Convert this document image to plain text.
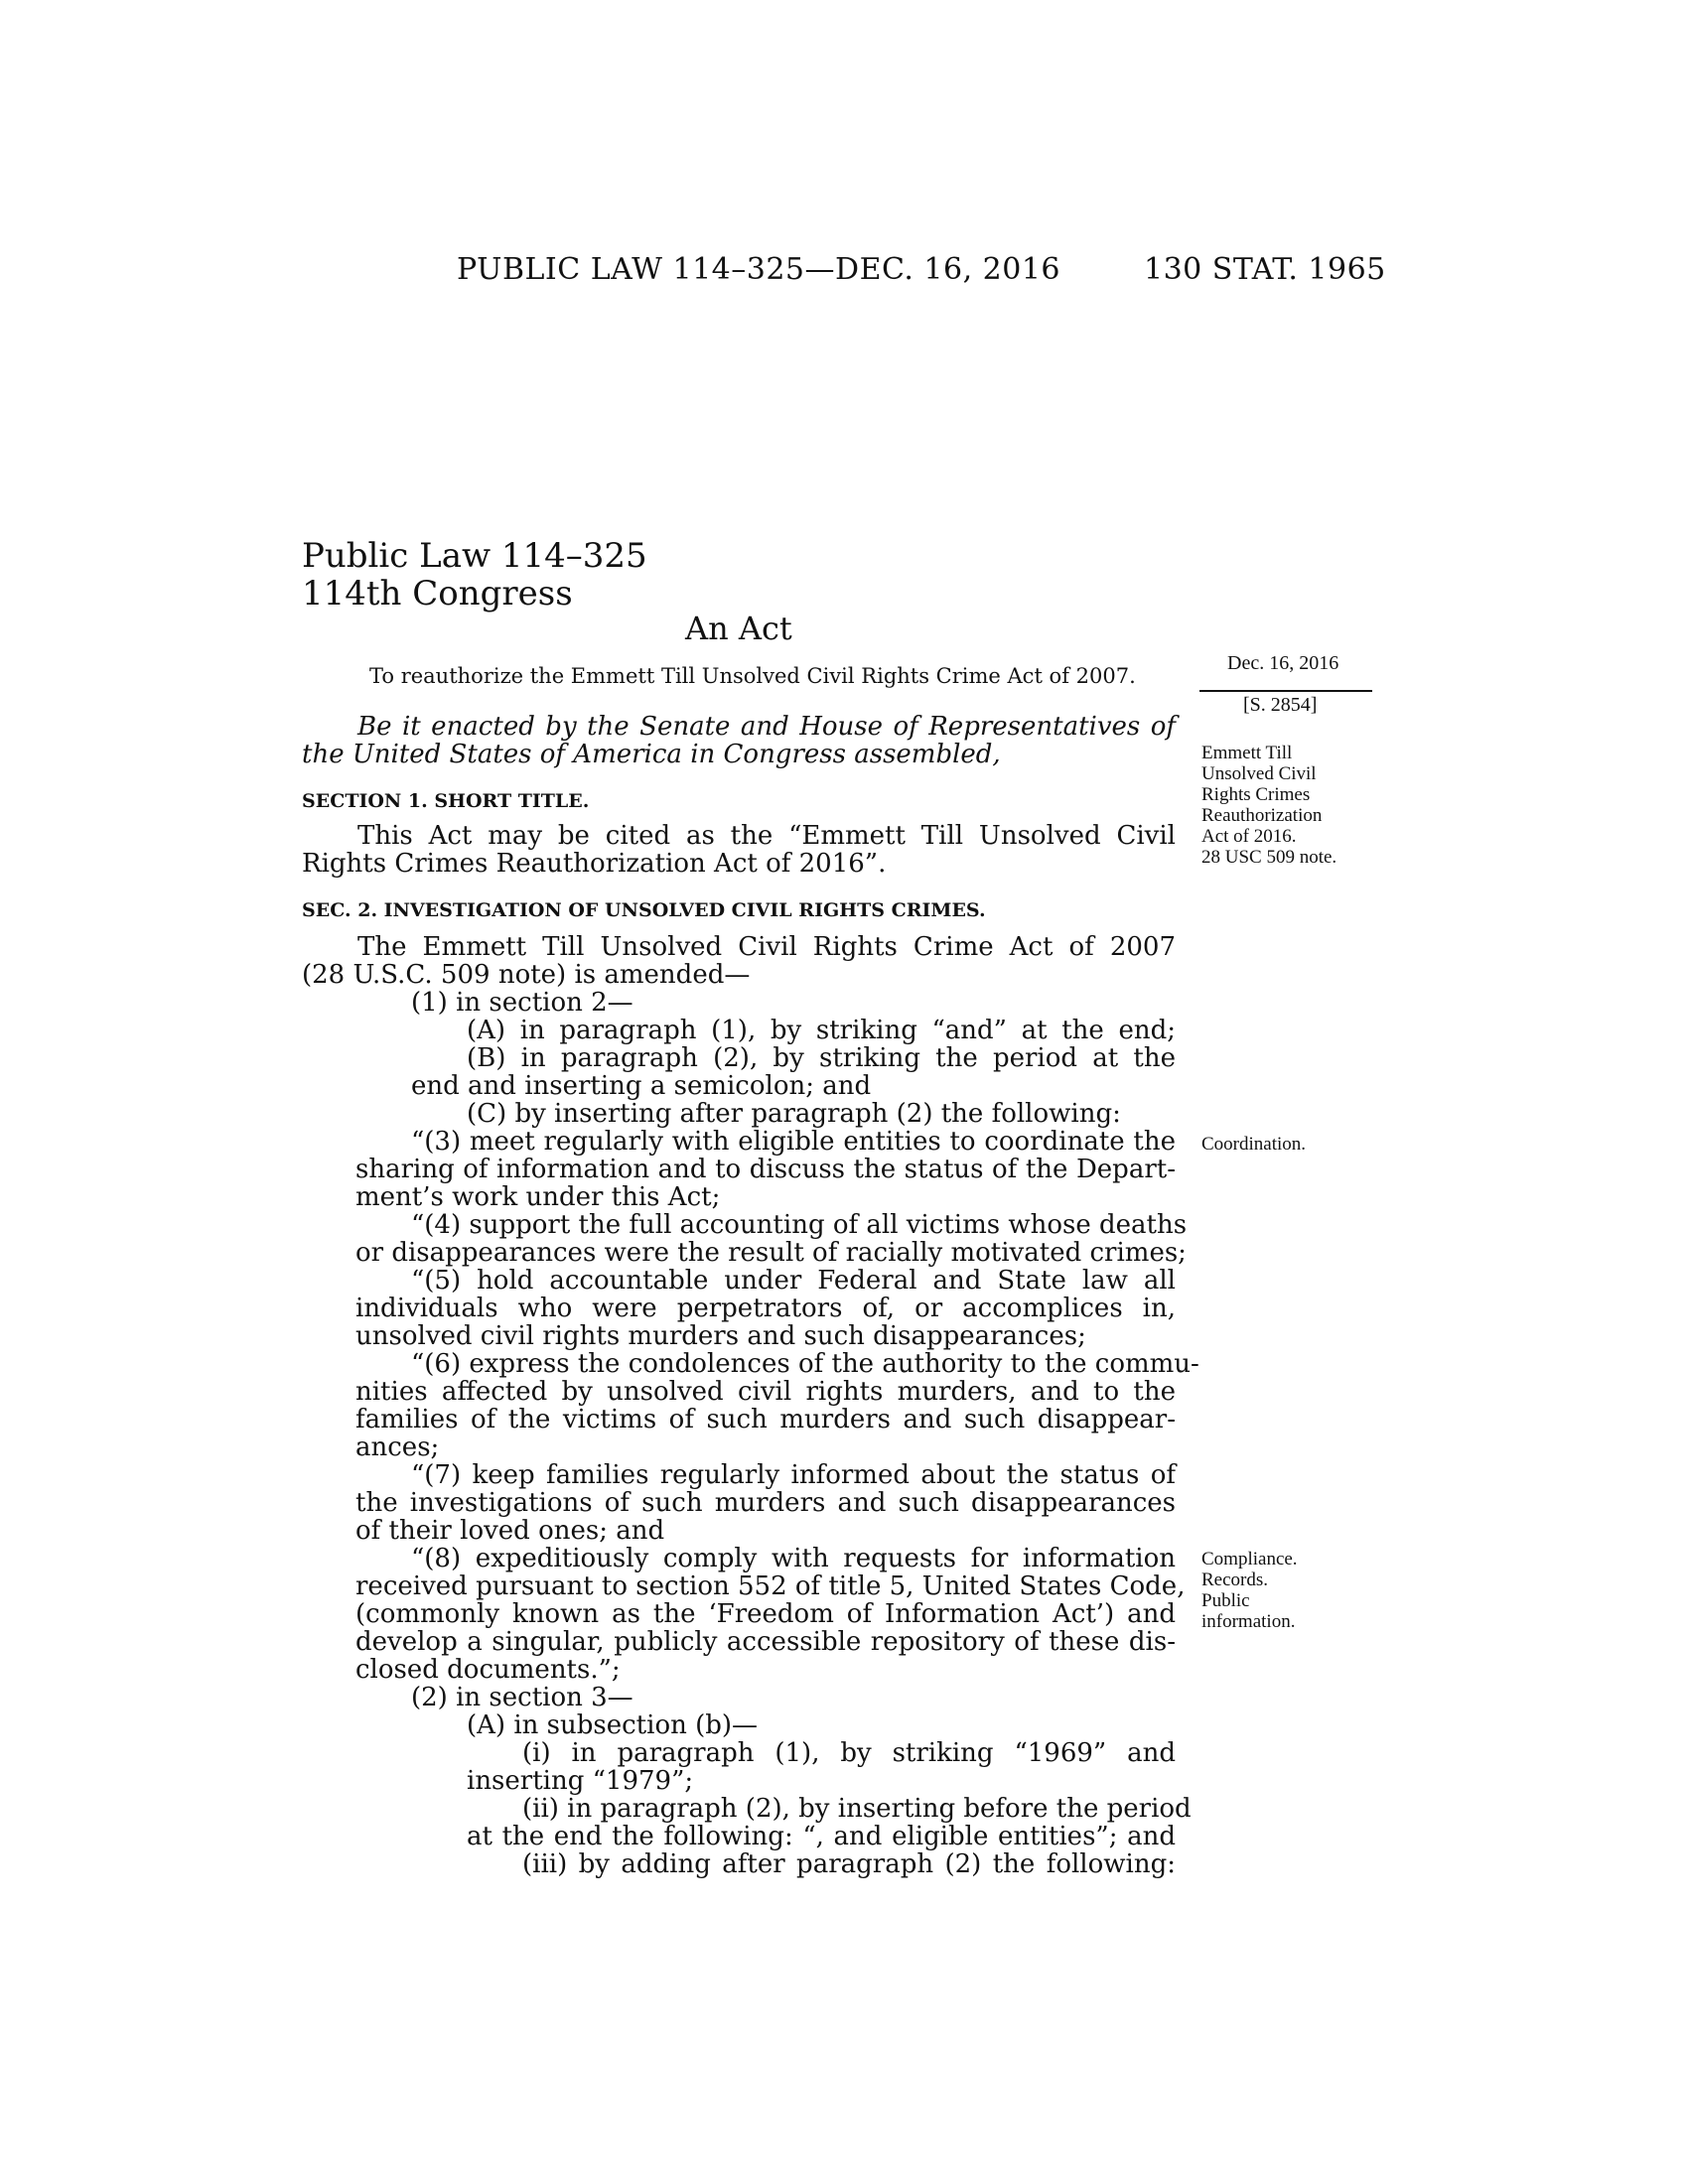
PUBLIC LAW 114–325—DEC. 16, 2016	130 STAT. 1965
Public Law 114–325
114th Congress
An Act
To reauthorize the Emmett Till Unsolved Civil Rights Crime Act of 2007.
Dec. 16, 2016
[S. 2854]
Emmett Till
Unsolved Civil
Rights Crimes
Reauthorization
Act of 2016.
28 USC 509 note.
Coordination.
Compliance.
Records.
Public
information.
Be it enacted by the Senate and House of Representatives of
the United States of America in Congress assembled,
SECTION 1. SHORT TITLE.
This Act may be cited as the “Emmett Till Unsolved Civil
Rights Crimes Reauthorization Act of 2016”.
SEC. 2. INVESTIGATION OF UNSOLVED CIVIL RIGHTS CRIMES.
The Emmett Till Unsolved Civil Rights Crime Act of 2007
(28 U.S.C. 509 note) is amended—
(1) in section 2—
(A) in paragraph (1), by striking “and” at the end;
(B) in paragraph (2), by striking the period at the
end and inserting a semicolon; and
(C) by inserting after paragraph (2) the following:
“(3) meet regularly with eligible entities to coordinate the
sharing of information and to discuss the status of the Depart-
ment’s work under this Act;
“(4) support the full accounting of all victims whose deaths
or disappearances were the result of racially motivated crimes;
“(5) hold accountable under Federal and State law all
individuals who were perpetrators of, or accomplices in,
unsolved civil rights murders and such disappearances;
“(6) express the condolences of the authority to the commu-
nities affected by unsolved civil rights murders, and to the
families of the victims of such murders and such disappear-
ances;
“(7) keep families regularly informed about the status of
the investigations of such murders and such disappearances
of their loved ones; and
“(8) expeditiously comply with requests for information
received pursuant to section 552 of title 5, United States Code,
(commonly known as the ‘Freedom of Information Act’) and
develop a singular, publicly accessible repository of these dis-
closed documents.”;
(2) in section 3—
(A) in subsection (b)—
(i) in paragraph (1), by striking “1969” and
inserting “1979”;
(ii) in paragraph (2), by inserting before the period
at the end the following: “, and eligible entities”; and
(iii) by adding after paragraph (2) the following:
